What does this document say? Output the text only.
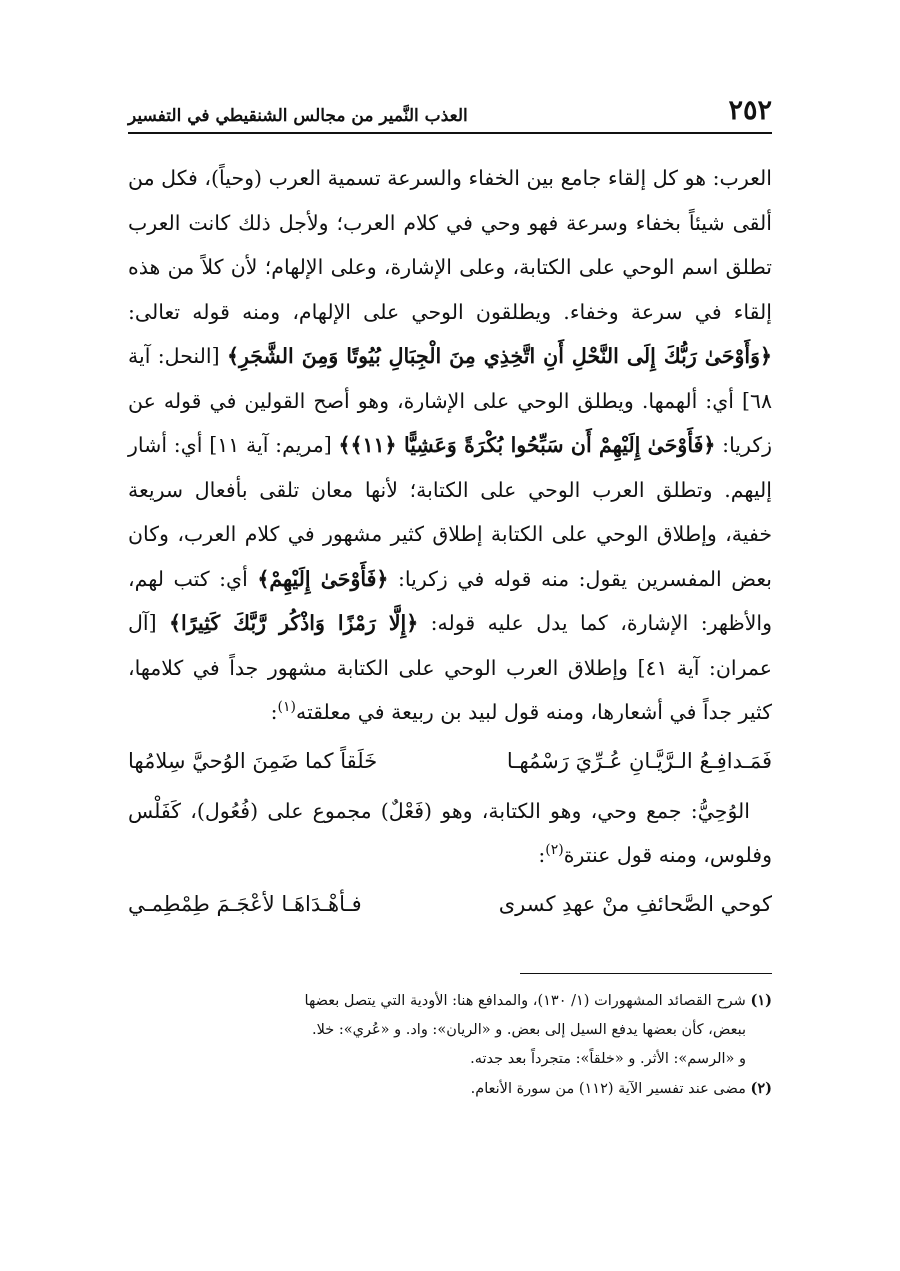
٢٥٢
العذب النَّمير من مجالس الشنقيطي في التفسير

العرب: هو كل إلقاء جامع بين الخفاء والسرعة تسمية العرب (وحياً)، فكل من ألقى شيئاً بخفاء وسرعة فهو وحي في كلام العرب؛ ولأجل ذلك كانت العرب تطلق اسم الوحي على الكتابة، وعلى الإشارة، وعلى الإلهام؛ لأن كلاً من هذه إلقاء في سرعة وخفاء. ويطلقون الوحي على الإلهام، ومنه قوله تعالى: ﴿وَأَوْحَىٰ رَبُّكَ إِلَى النَّحْلِ أَنِ اتَّخِذِي مِنَ الْجِبَالِ بُيُوتًا وَمِنَ الشَّجَرِ﴾ [النحل: آية ٦٨] أي: ألهمها. ويطلق الوحي على الإشارة، وهو أصح القولين في قوله عن زكريا: ﴿فَأَوْحَىٰ إِلَيْهِمْ أَن سَبِّحُوا بُكْرَةً وَعَشِيًّا ﴿١١﴾﴾ [مريم: آية ١١] أي: أشار إليهم. وتطلق العرب الوحي على الكتابة؛ لأنها معان تلقى بأفعال سريعة خفية، وإطلاق الوحي على الكتابة إطلاق كثير مشهور في كلام العرب، وكان بعض المفسرين يقول: منه قوله في زكريا: ﴿فَأَوْحَىٰ إِلَيْهِمْ﴾ أي: كتب لهم، والأظهر: الإشارة، كما يدل عليه قوله: ﴿إِلَّا رَمْزًا وَاذْكُر رَّبَّكَ كَثِيرًا﴾ [آل عمران: آية ٤١] وإطلاق العرب الوحي على الكتابة مشهور جداً في كلامها، كثير جداً في أشعارها، ومنه قول لبيد بن ربيعة في معلقته$^{(١)}$:

فَمَـدافِـعُ الـرَّيَّـانِ عُـرِّيَ رَسْمُهـا
خَلَقاً كما ضَمِنَ الوُحيَّ سِلامُها

الوُحِيُّ: جمع وحي، وهو الكتابة، وهو (فَعْلٌ) مجموع على (فُعُول)، كَفَلْس وفلوس، ومنه قول عنترة$^{(٢)}$:

كوحي الصَّحائفِ منْ عهدِ كسرى
فـأهْـدَاهَـا لأعْجَـمَ طِمْطِمـي

(١) شرح القصائد المشهورات (١/ ١٣٠)، والمدافع هنا: الأودية التي يتصل بعضها

ببعض، كأن بعضها يدفع السيل إلى بعض. و «الريان»: واد. و «عُري»: خلا.

و «الرسم»: الأثر. و «خلقاً»: متجرداً بعد جدته.

(٢) مضى عند تفسير الآية (١١٢) من سورة الأنعام.
